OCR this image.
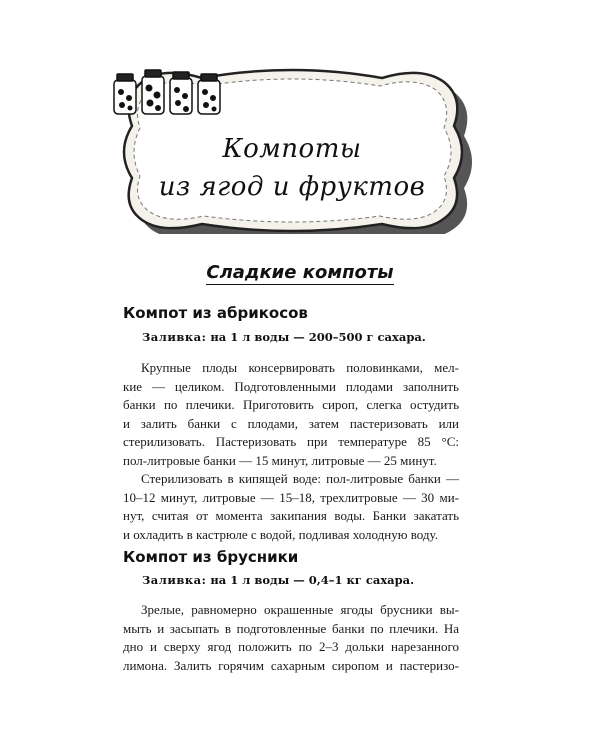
Компоты
из ягод и фруктов
Сладкие компоты
Компот из абрикосов
Заливка: на 1 л воды — 200–500 г сахара.
Крупные плоды консервировать половинками, мел-
кие — целиком. Подготовленными плодами заполнить
банки по плечики. Приготовить сироп, слегка остудить
и залить банки с плодами, затем пастеризовать или
стерилизовать. Пастеризовать при температуре 85 °С:
пол-литровые банки — 15 минут, литровые — 25 минут.
Стерилизовать в кипящей воде: пол-литровые банки —
10–12 минут, литровые — 15–18, трехлитровые — 30 ми-
нут, считая от момента закипания воды. Банки закатать
и охладить в кастрюле с водой, подливая холодную воду.
Компот из брусники
Заливка: на 1 л воды — 0,4–1 кг сахара.
Зрелые, равномерно окрашенные ягоды брусники вы-
мыть и засыпать в подготовленные банки по плечики. На
дно и сверху ягод положить по 2–3 дольки нарезанного
лимона. Залить горячим сахарным сиропом и пастеризо-
